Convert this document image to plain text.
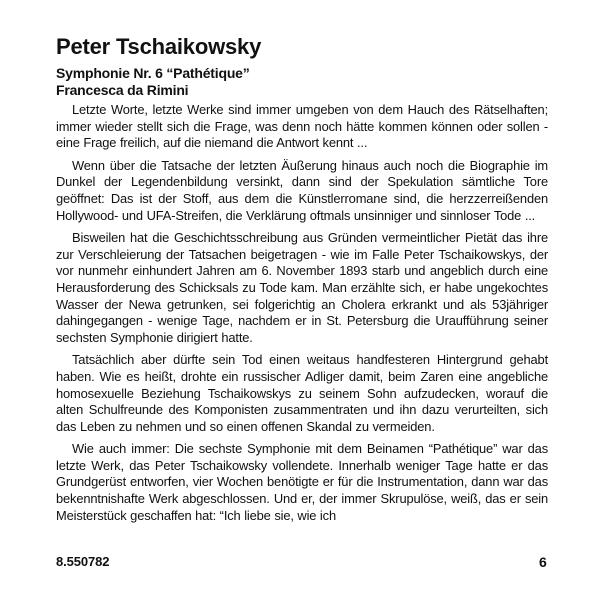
Peter Tschaikowsky
Symphonie Nr. 6 “Pathétique”
Francesca da Rimini

Letzte Worte, letzte Werke sind immer umgeben von dem Hauch des Rätselhaften; immer wieder stellt sich die Frage, was denn noch hätte kommen können oder sollen - eine Frage freilich, auf die niemand die Antwort kennt ...

Wenn über die Tatsache der letzten Äußerung hinaus auch noch die Biographie im Dunkel der Legendenbildung versinkt, dann sind der Spekulation sämtliche Tore geöffnet: Das ist der Stoff, aus dem die Künstlerromane sind, die herzzerreißenden Hollywood- und UFA-Streifen, die Verklärung oftmals unsinniger und sinnloser Tode ...

Bisweilen hat die Geschichtsschreibung aus Gründen vermeintlicher Pietät das ihre zur Verschleierung der Tatsachen beigetragen - wie im Falle Peter Tschaikowskys, der vor nunmehr einhundert Jahren am 6. November 1893 starb und angeblich durch eine Herausforderung des Schicksals zu Tode kam. Man erzählte sich, er habe ungekochtes Wasser der Newa getrunken, sei folgerichtig an Cholera erkrankt und als 53jähriger dahingegangen - wenige Tage, nachdem er in St. Petersburg die Uraufführung seiner sechsten Symphonie dirigiert hatte.

Tatsächlich aber dürfte sein Tod einen weitaus handfesteren Hintergrund gehabt haben. Wie es heißt, drohte ein russischer Adliger damit, beim Zaren eine angebliche homosexuelle Beziehung Tschaikowskys zu seinem Sohn aufzudecken, worauf die alten Schulfreunde des Komponisten zusammentraten und ihn dazu verurteilten, sich das Leben zu nehmen und so einen offenen Skandal zu vermeiden.

Wie auch immer: Die sechste Symphonie mit dem Beinamen “Pathétique” war das letzte Werk, das Peter Tschaikowsky vollendete. Innerhalb weniger Tage hatte er das Grundgerüst entworfen, vier Wochen benötigte er für die Instrumentation, dann war das bekenntnishafte Werk abgeschlossen. Und er, der immer Skrupulöse, weiß, das er sein Meisterstück geschaffen hat: “Ich liebe sie, wie ich

8.550782	6
